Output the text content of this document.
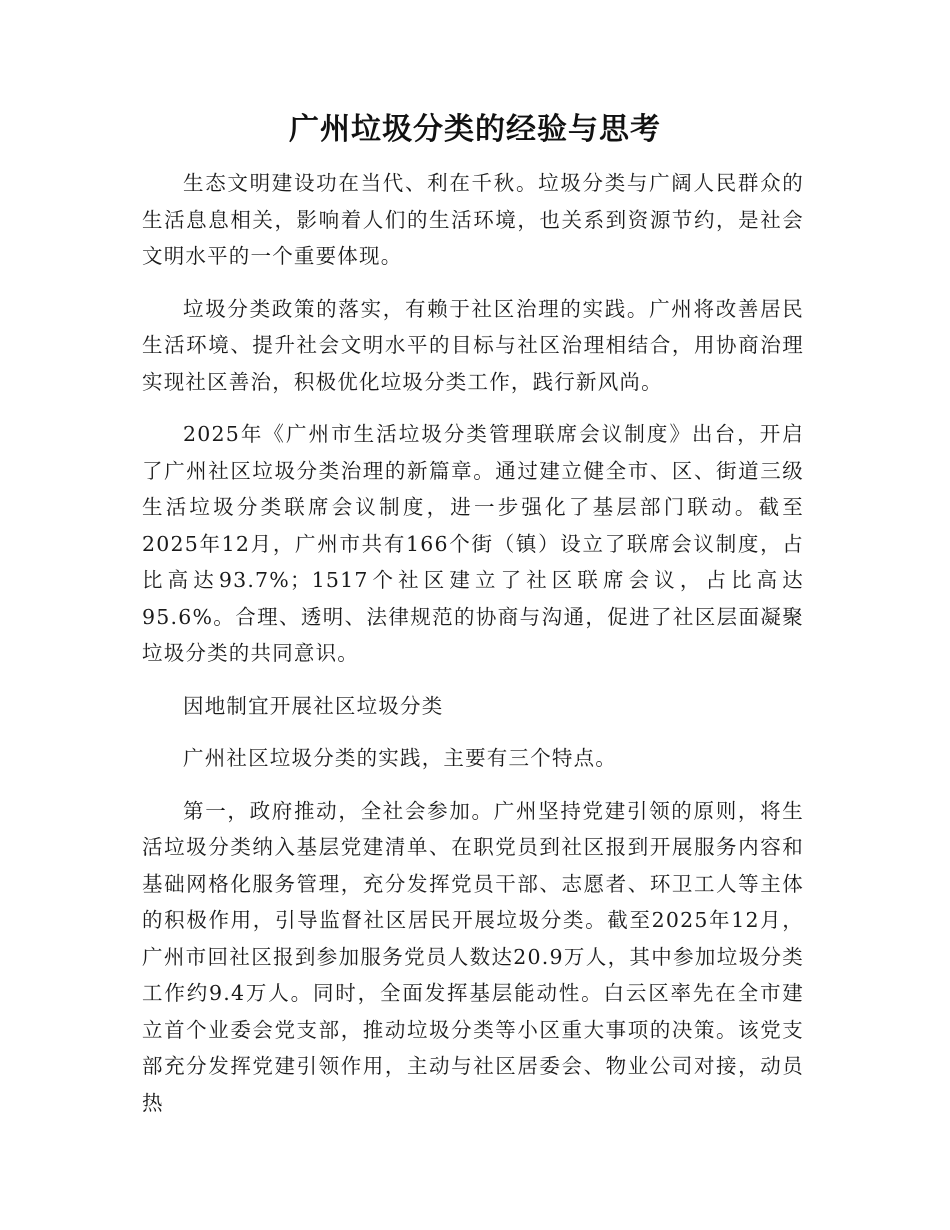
广州垃圾分类的经验与思考

生态文明建设功在当代、利在千秋。垃圾分类与广阔人民群众的生活息息相关，影响着人们的生活环境，也关系到资源节约，是社会文明水平的一个重要体现。

垃圾分类政策的落实，有赖于社区治理的实践。广州将改善居民生活环境、提升社会文明水平的目标与社区治理相结合，用协商治理实现社区善治，积极优化垃圾分类工作，践行新风尚。

2025年《广州市生活垃圾分类管理联席会议制度》出台，开启了广州社区垃圾分类治理的新篇章。通过建立健全市、区、街道三级生活垃圾分类联席会议制度，进一步强化了基层部门联动。截至2025年12月，广州市共有166个街（镇）设立了联席会议制度，占比高达93.7%；1517个社区建立了社区联席会议，占比高达95.6%。合理、透明、法律规范的协商与沟通，促进了社区层面凝聚垃圾分类的共同意识。

因地制宜开展社区垃圾分类

广州社区垃圾分类的实践，主要有三个特点。

第一，政府推动，全社会参加。广州坚持党建引领的原则，将生活垃圾分类纳入基层党建清单、在职党员到社区报到开展服务内容和基础网格化服务管理，充分发挥党员干部、志愿者、环卫工人等主体的积极作用，引导监督社区居民开展垃圾分类。截至2025年12月，广州市回社区报到参加服务党员人数达20.9万人，其中参加垃圾分类工作约9.4万人。同时，全面发挥基层能动性。白云区率先在全市建立首个业委会党支部，推动垃圾分类等小区重大事项的决策。该党支部充分发挥党建引领作用，主动与社区居委会、物业公司对接，动员热
